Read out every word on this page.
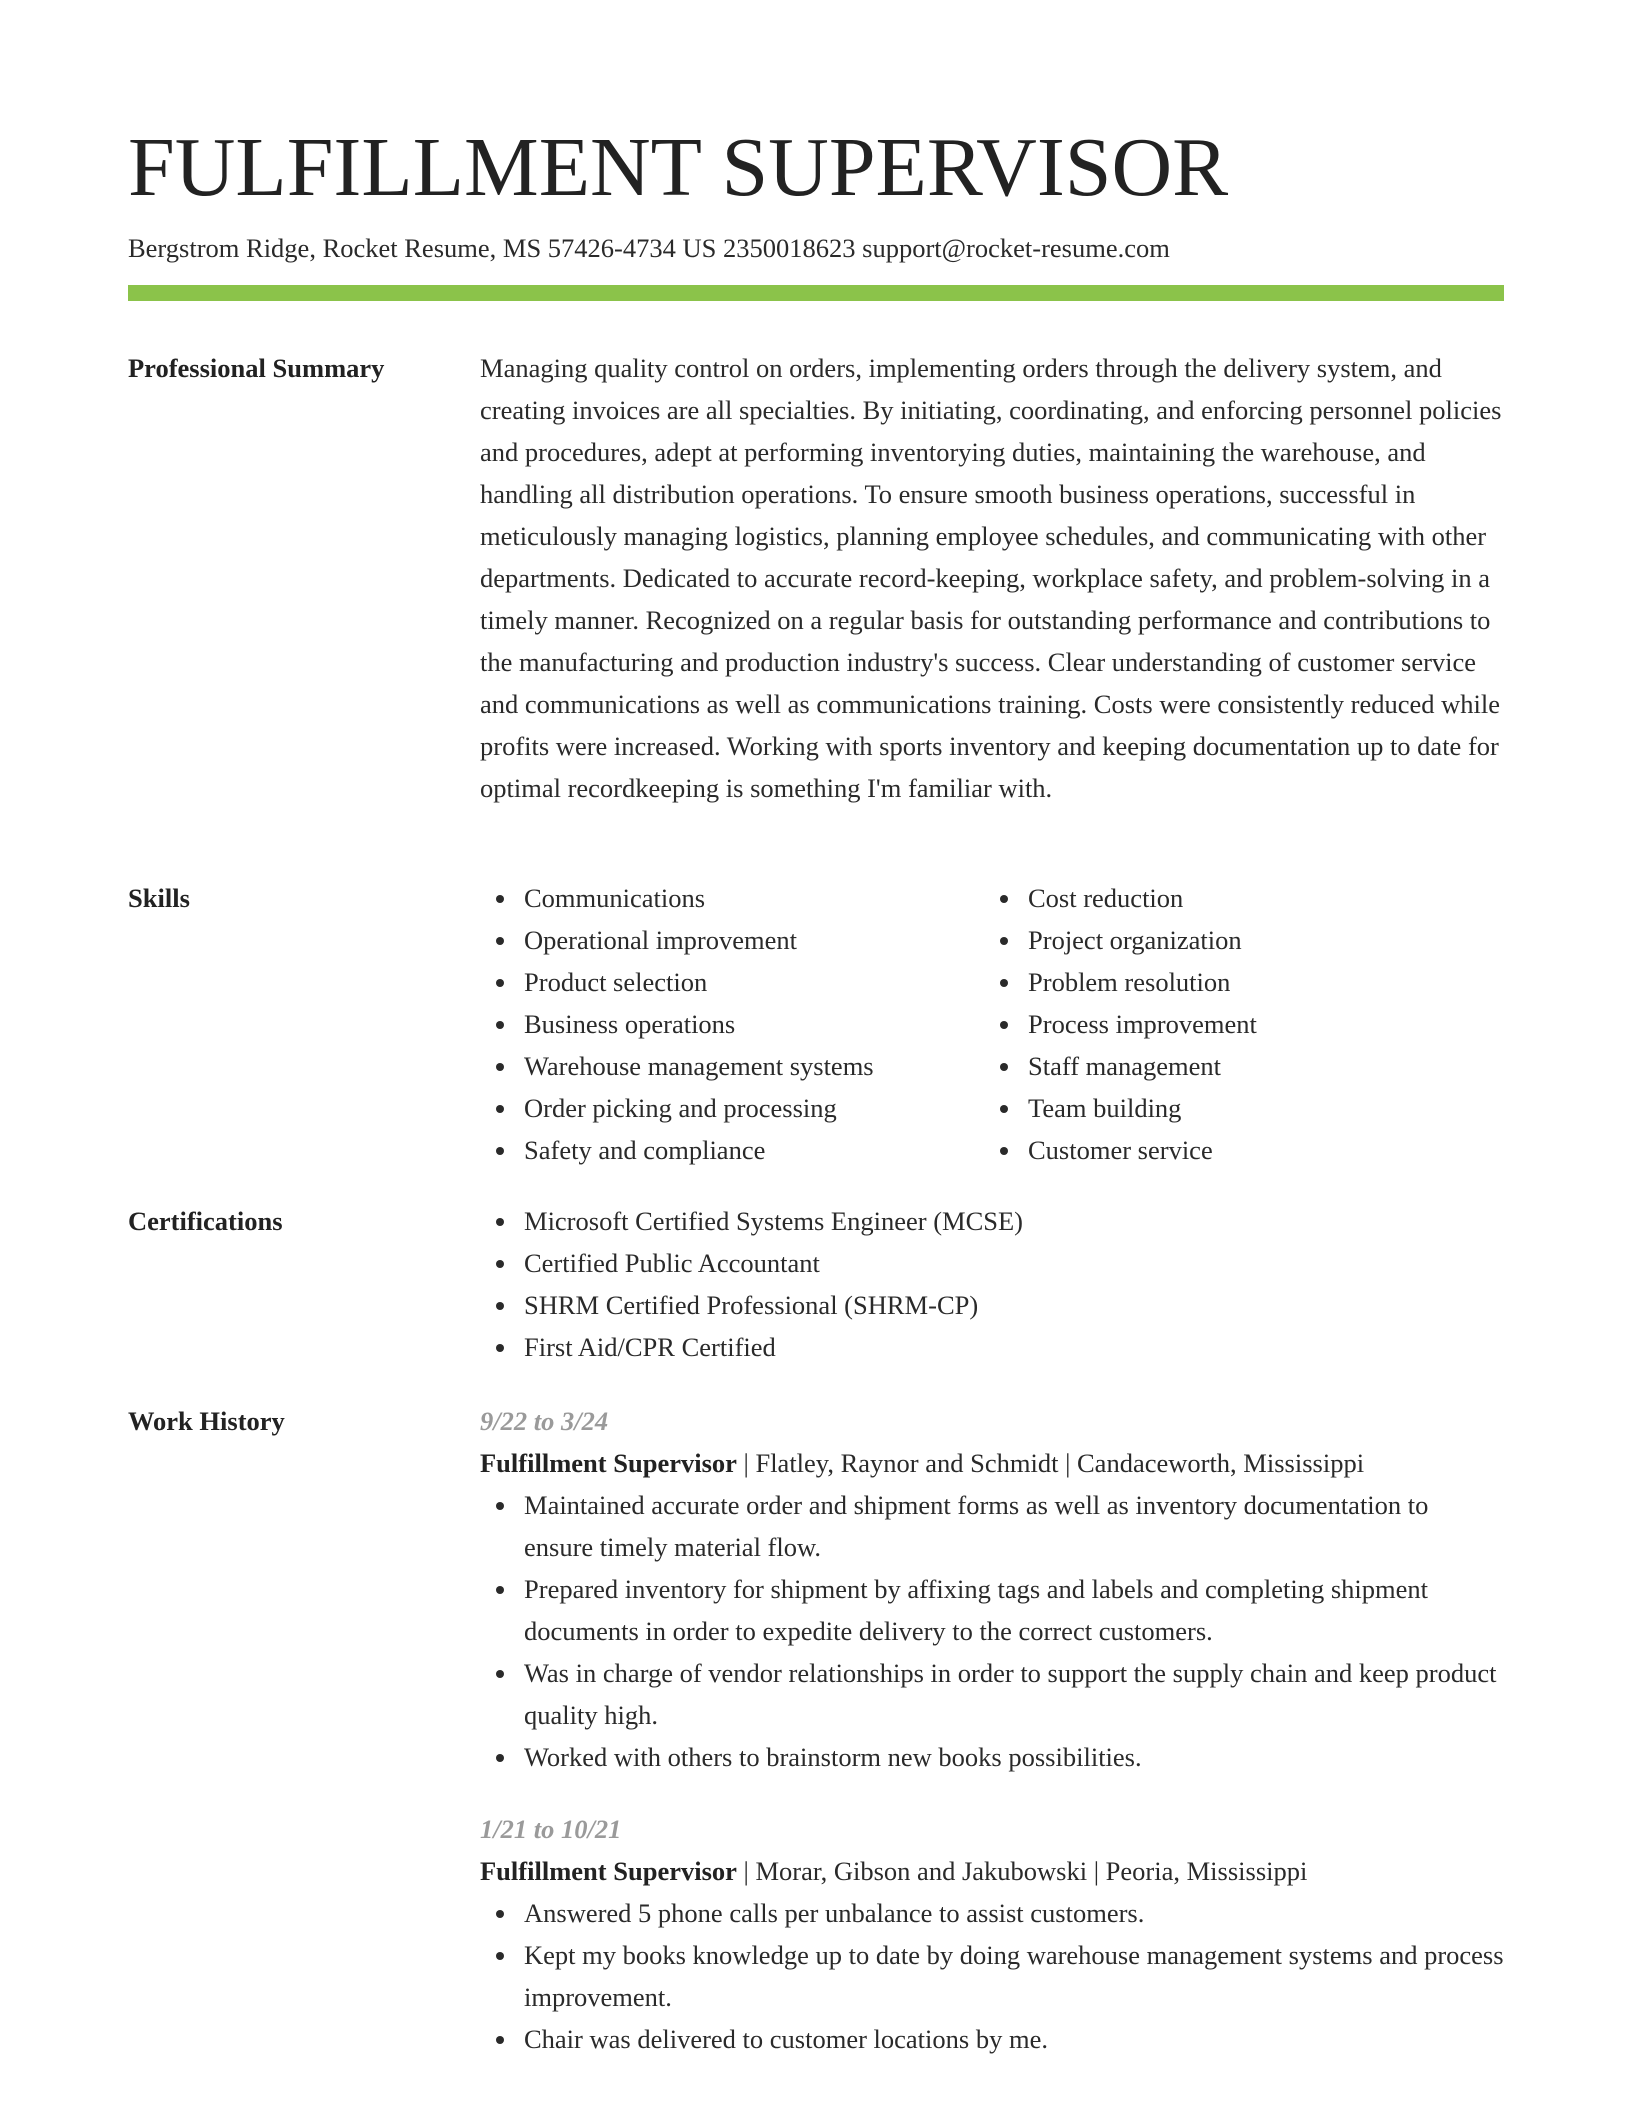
FULFILLMENT SUPERVISOR
Bergstrom Ridge, Rocket Resume, MS 57426-4734 US 2350018623 support@rocket-resume.com
Professional Summary	Managing quality control on orders, implementing orders through the delivery system, and creating invoices are all specialties. By initiating, coordinating, and enforcing personnel policies and procedures, adept at performing inventorying duties, maintaining the warehouse, and handling all distribution operations. To ensure smooth business operations, successful in meticulously managing logistics, planning employee schedules, and communicating with other departments. Dedicated to accurate record-keeping, workplace safety, and problem-solving in a timely manner. Recognized on a regular basis for outstanding performance and contributions to the manufacturing and production industry's success. Clear understanding of customer service and communications as well as communications training. Costs were consistently reduced while profits were increased. Working with sports inventory and keeping documentation up to date for optimal recordkeeping is something I'm familiar with.

Skills	Communications
Operational improvement
Product selection
Business operations
Warehouse management systems
Order picking and processing
Safety and compliance
Cost reduction
Project organization
Problem resolution
Process improvement
Staff management
Team building
Customer service
Certifications	Microsoft Certified Systems Engineer (MCSE)
Certified Public Accountant
SHRM Certified Professional (SHRM-CP)
First Aid/CPR Certified
Work History	9/22 to 3/24
Fulfillment Supervisor | Flatley, Raynor and Schmidt | Candaceworth, Mississippi
Maintained accurate order and shipment forms as well as inventory documentation to ensure timely material flow.
Prepared inventory for shipment by affixing tags and labels and completing shipment documents in order to expedite delivery to the correct customers.
Was in charge of vendor relationships in order to support the supply chain and keep product quality high.
Worked with others to brainstorm new books possibilities.
1/21 to 10/21
Fulfillment Supervisor | Morar, Gibson and Jakubowski | Peoria, Mississippi
Answered 5 phone calls per unbalance to assist customers.
Kept my books knowledge up to date by doing warehouse management systems and process improvement.
Chair was delivered to customer locations by me.
